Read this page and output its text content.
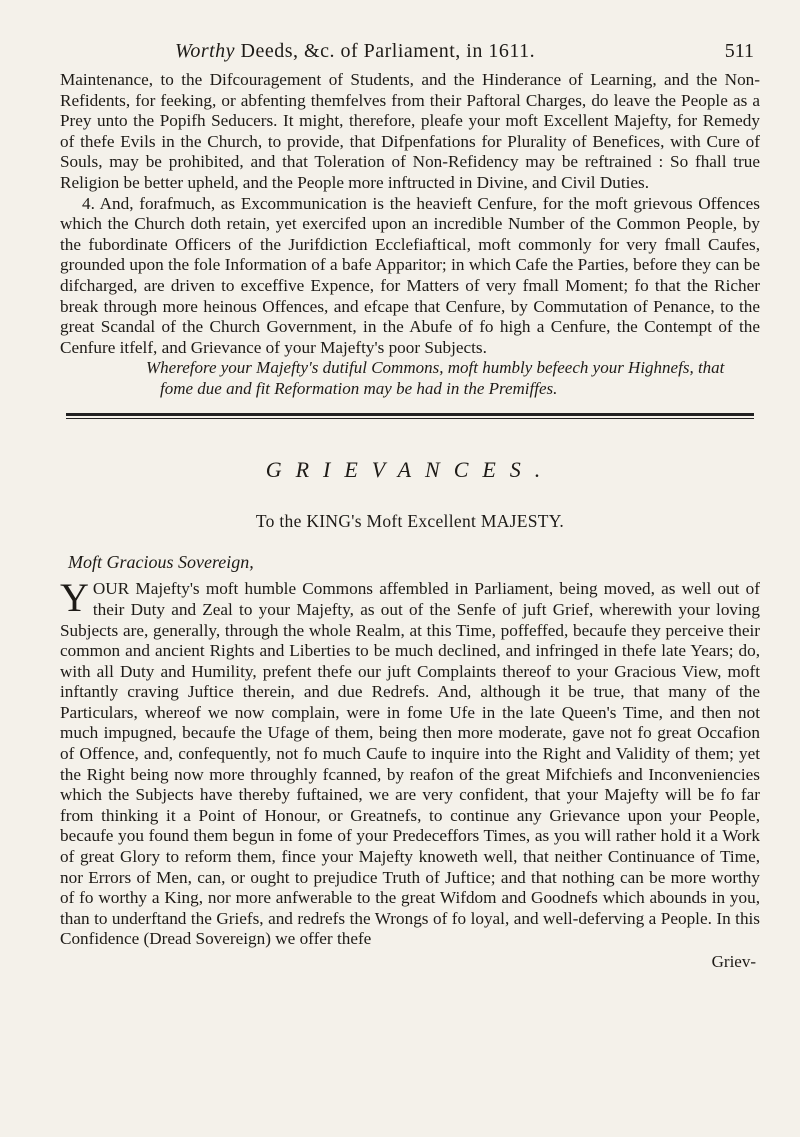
Worthy Deeds, &c. of Parliament, in 1611.	511

Maintenance, to the Difcouragement of Students, and the Hinderance of Learning, and the Non-Refidents, for feeking, or abfenting themfelves from their Paftoral Charges, do leave the People as a Prey unto the Popifh Seducers. It might, therefore, pleafe your moft Excellent Majefty, for Remedy of thefe Evils in the Church, to provide, that Difpenfations for Plurality of Benefices, with Cure of Souls, may be prohibited, and that Toleration of Non-Refidency may be reftrained : So fhall true Religion be better upheld, and the People more inftructed in Divine, and Civil Duties.

4. And, forafmuch, as Excommunication is the heavieft Cenfure, for the moft grievous Offences which the Church doth retain, yet exercifed upon an incredible Number of the Common People, by the fubordinate Officers of the Jurifdiction Ecclefiaftical, moft commonly for very fmall Caufes, grounded upon the fole Information of a bafe Apparitor; in which Cafe the Parties, before they can be difcharged, are driven to exceffive Expence, for Matters of very fmall Moment; fo that the Richer break through more heinous Offences, and efcape that Cenfure, by Commutation of Penance, to the great Scandal of the Church Government, in the Abufe of fo high a Cenfure, the Contempt of the Cenfure itfelf, and Grievance of your Majefty's poor Subjects.

Wherefore your Majefty's dutiful Commons, moft humbly befeech your Highnefs, that fome due and fit Reformation may be had in the Premiffes.

GRIEVANCES.
To the KING's Moft Excellent MAJESTY.
Moft Gracious Sovereign,

YOUR Majefty's moft humble Commons affembled in Parliament, being moved, as well out of their Duty and Zeal to your Majefty, as out of the Senfe of juft Grief, wherewith your loving Subjects are, generally, through the whole Realm, at this Time, poffeffed, becaufe they perceive their common and ancient Rights and Liberties to be much declined, and infringed in thefe late Years; do, with all Duty and Humility, prefent thefe our juft Complaints thereof to your Gracious View, moft inftantly craving Juftice therein, and due Redrefs. And, although it be true, that many of the Particulars, whereof we now complain, were in fome Ufe in the late Queen's Time, and then not much impugned, becaufe the Ufage of them, being then more moderate, gave not fo great Occafion of Offence, and, confequently, not fo much Caufe to inquire into the Right and Validity of them; yet the Right being now more throughly fcanned, by reafon of the great Mifchiefs and Inconveniencies which the Subjects have thereby fuftained, we are very confident, that your Majefty will be fo far from thinking it a Point of Honour, or Greatnefs, to continue any Grievance upon your People, becaufe you found them begun in fome of your Predeceffors Times, as you will rather hold it a Work of great Glory to reform them, fince your Majefty knoweth well, that neither Continuance of Time, nor Errors of Men, can, or ought to prejudice Truth of Juftice; and that nothing can be more worthy of fo worthy a King, nor more anfwerable to the great Wifdom and Goodnefs which abounds in you, than to underftand the Griefs, and redrefs the Wrongs of fo loyal, and well-deferving a People. In this Confidence (Dread Sovereign) we offer thefe

Griev-
